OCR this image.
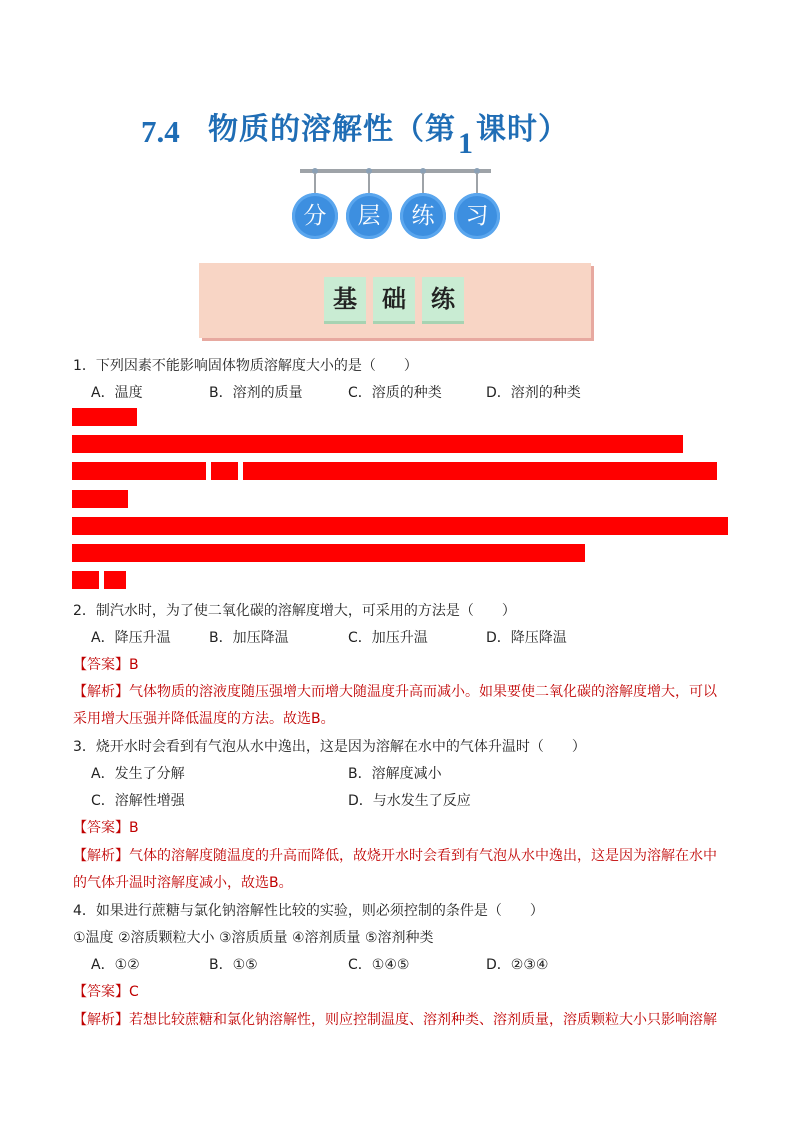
7.4 物质的溶解性（第1课时）
分	层	练	习
基	础	练
1．下列因素不能影响固体物质溶解度大小的是（　　）
A．温度	B．溶剂的质量	C．溶质的种类	D．溶剂的种类
2．制汽水时，为了使二氧化碳的溶解度增大，可采用的方法是（　　）
A．降压升温	B．加压降温	C．加压升温	D．降压降温
【答案】B
【解析】气体物质的溶液度随压强增大而增大随温度升高而减小。如果要使二氧化碳的溶解度增大，可以
采用增大压强并降低温度的方法。故选B。
3．烧开水时会看到有气泡从水中逸出，这是因为溶解在水中的气体升温时（　　）
A．发生了分解	B．溶解度减小
C．溶解性增强	D．与水发生了反应
【答案】B
【解析】气体的溶解度随温度的升高而降低，故烧开水时会看到有气泡从水中逸出，这是因为溶解在水中
的气体升温时溶解度减小，故选B。
4．如果进行蔗糖与氯化钠溶解性比较的实验，则必须控制的条件是（　　）
①温度 ②溶质颗粒大小 ③溶质质量 ④溶剂质量 ⑤溶剂种类
A．①②	B．①⑤	C．①④⑤	D．②③④
【答案】C
【解析】若想比较蔗糖和氯化钠溶解性，则应控制温度、溶剂种类、溶剂质量，溶质颗粒大小只影响溶解
